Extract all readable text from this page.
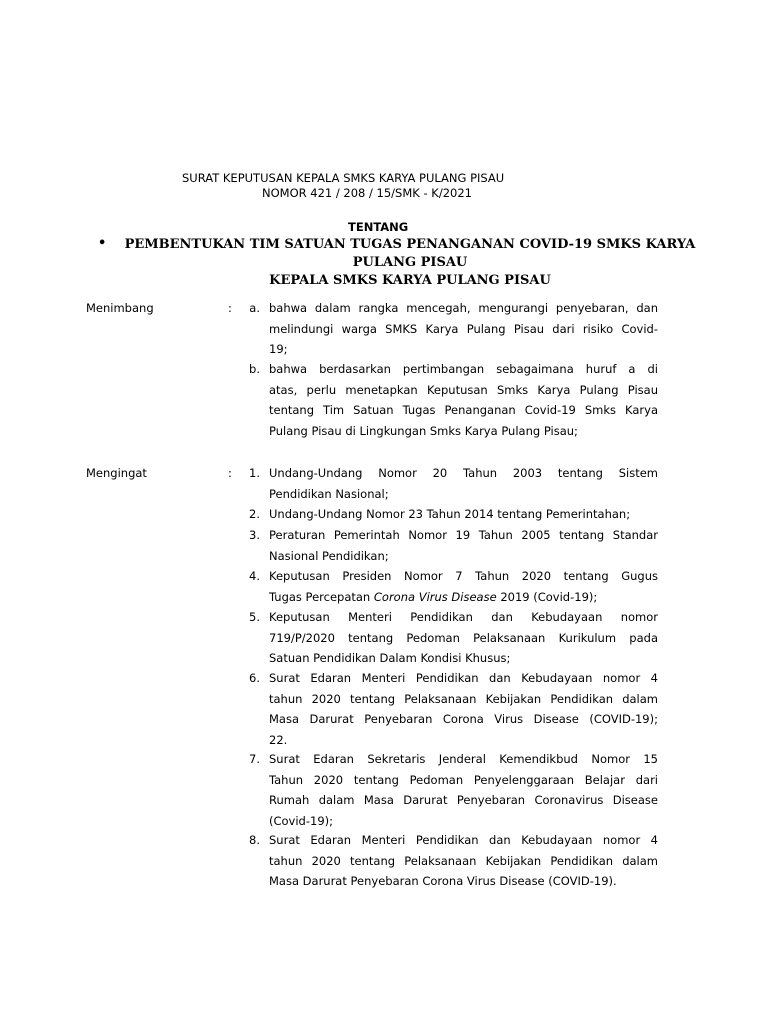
SURAT KEPUTUSAN KEPALA SMKS KARYA PULANG PISAU
NOMOR 421 / 208 / 15/SMK - K/2021
TENTANG
•	PEMBENTUKAN TIM SATUAN TUGAS PENANGANAN COVID-19 SMKS KARYA
PULANG PISAU
KEPALA SMKS KARYA PULANG PISAU
Menimbang	:	a. bahwa dalam rangka mencegah, mengurangi penyebaran, dan
melindungi warga SMKS Karya Pulang Pisau dari risiko Covid-
19;
b. bahwa berdasarkan pertimbangan sebagaimana huruf a di
atas, perlu menetapkan Keputusan Smks Karya Pulang Pisau
tentang Tim Satuan Tugas Penanganan Covid-19 Smks Karya
Pulang Pisau di Lingkungan Smks Karya Pulang Pisau;
Mengingat	:	1. Undang-Undang Nomor 20 Tahun 2003 tentang Sistem
Pendidikan Nasional;
2. Undang-Undang Nomor 23 Tahun 2014 tentang Pemerintahan;
3. Peraturan Pemerintah Nomor 19 Tahun 2005 tentang Standar
Nasional Pendidikan;
4. Keputusan Presiden Nomor 7 Tahun 2020 tentang Gugus
Tugas Percepatan Corona Virus Disease 2019 (Covid-19);
5. Keputusan Menteri Pendidikan dan Kebudayaan nomor
719/P/2020 tentang Pedoman Pelaksanaan Kurikulum pada
Satuan Pendidikan Dalam Kondisi Khusus;
6. Surat Edaran Menteri Pendidikan dan Kebudayaan nomor 4
tahun 2020 tentang Pelaksanaan Kebijakan Pendidikan dalam
Masa Darurat Penyebaran Corona Virus Disease (COVID-19);
22.
7. Surat Edaran Sekretaris Jenderal Kemendikbud Nomor 15
Tahun 2020 tentang Pedoman Penyelenggaraan Belajar dari
Rumah dalam Masa Darurat Penyebaran Coronavirus Disease
(Covid-19);
8. Surat Edaran Menteri Pendidikan dan Kebudayaan nomor 4
tahun 2020 tentang Pelaksanaan Kebijakan Pendidikan dalam
Masa Darurat Penyebaran Corona Virus Disease (COVID-19).
